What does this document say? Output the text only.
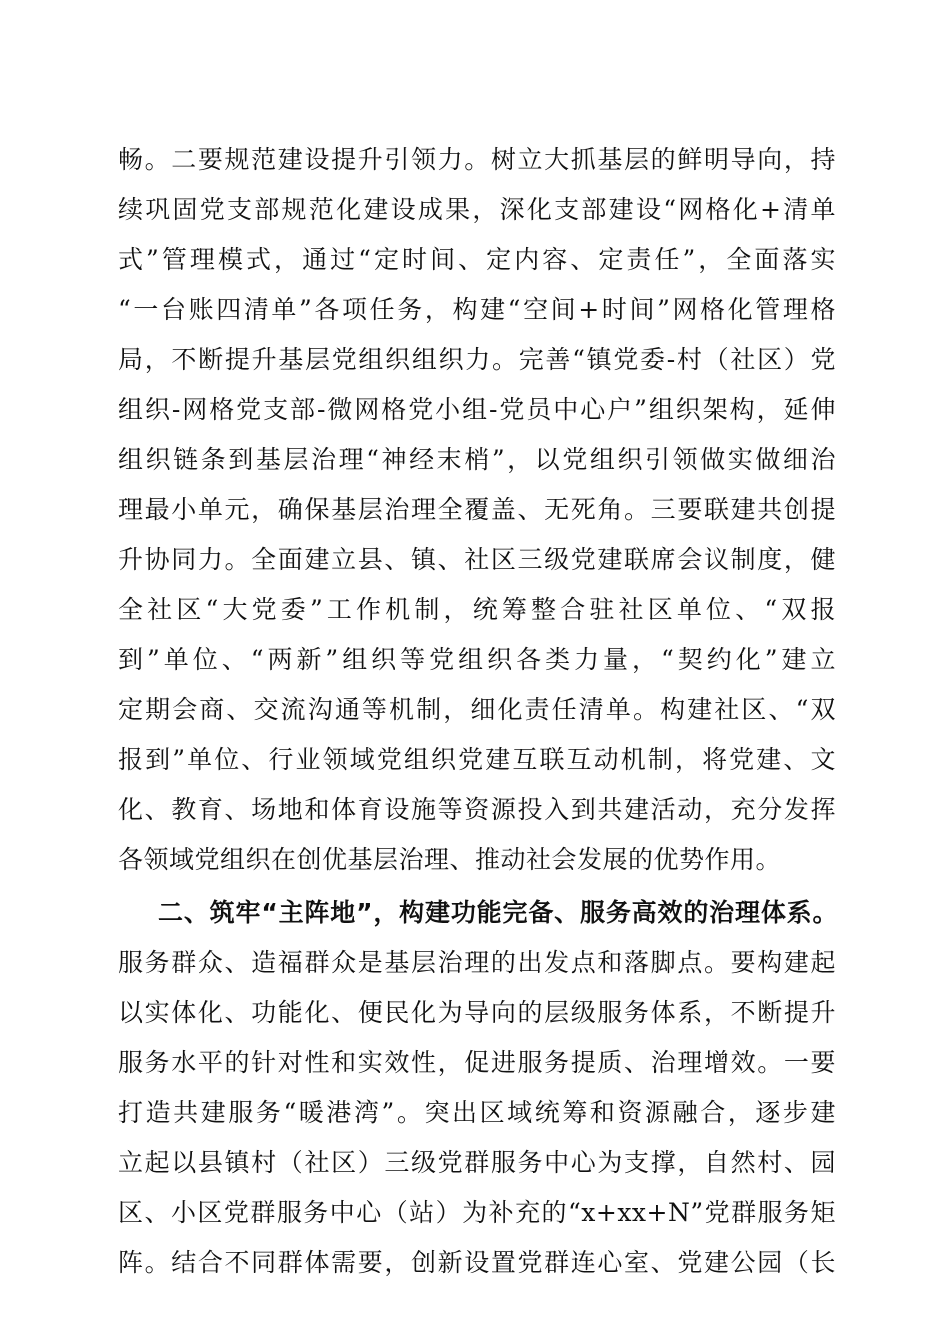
畅。二要规范建设提升引领力。树立大抓基层的鲜明导向，持
续巩固党支部规范化建设成果，深化支部建设“网格化+清单
式”管理模式，通过“定时间、定内容、定责任”，全面落实
“一台账四清单”各项任务，构建“空间+时间”网格化管理格
局，不断提升基层党组织组织力。完善“镇党委-村（社区）党
组织-网格党支部-微网格党小组-党员中心户”组织架构，延伸
组织链条到基层治理“神经末梢”，以党组织引领做实做细治
理最小单元，确保基层治理全覆盖、无死角。三要联建共创提
升协同力。全面建立县、镇、社区三级党建联席会议制度，健
全社区“大党委”工作机制，统筹整合驻社区单位、“双报
到”单位、“两新”组织等党组织各类力量，“契约化”建立
定期会商、交流沟通等机制，细化责任清单。构建社区、“双
报到”单位、行业领域党组织党建互联互动机制，将党建、文
化、教育、场地和体育设施等资源投入到共建活动，充分发挥
各领域党组织在创优基层治理、推动社会发展的优势作用。
二、筑牢“主阵地”，构建功能完备、服务高效的治理体系。
服务群众、造福群众是基层治理的出发点和落脚点。要构建起
以实体化、功能化、便民化为导向的层级服务体系，不断提升
服务水平的针对性和实效性，促进服务提质、治理增效。一要
打造共建服务“暖港湾”。突出区域统筹和资源融合，逐步建
立起以县镇村（社区）三级党群服务中心为支撑，自然村、园
区、小区党群服务中心（站）为补充的“x+xx+N”党群服务矩
阵。结合不同群体需要，创新设置党群连心室、党建公园（长
